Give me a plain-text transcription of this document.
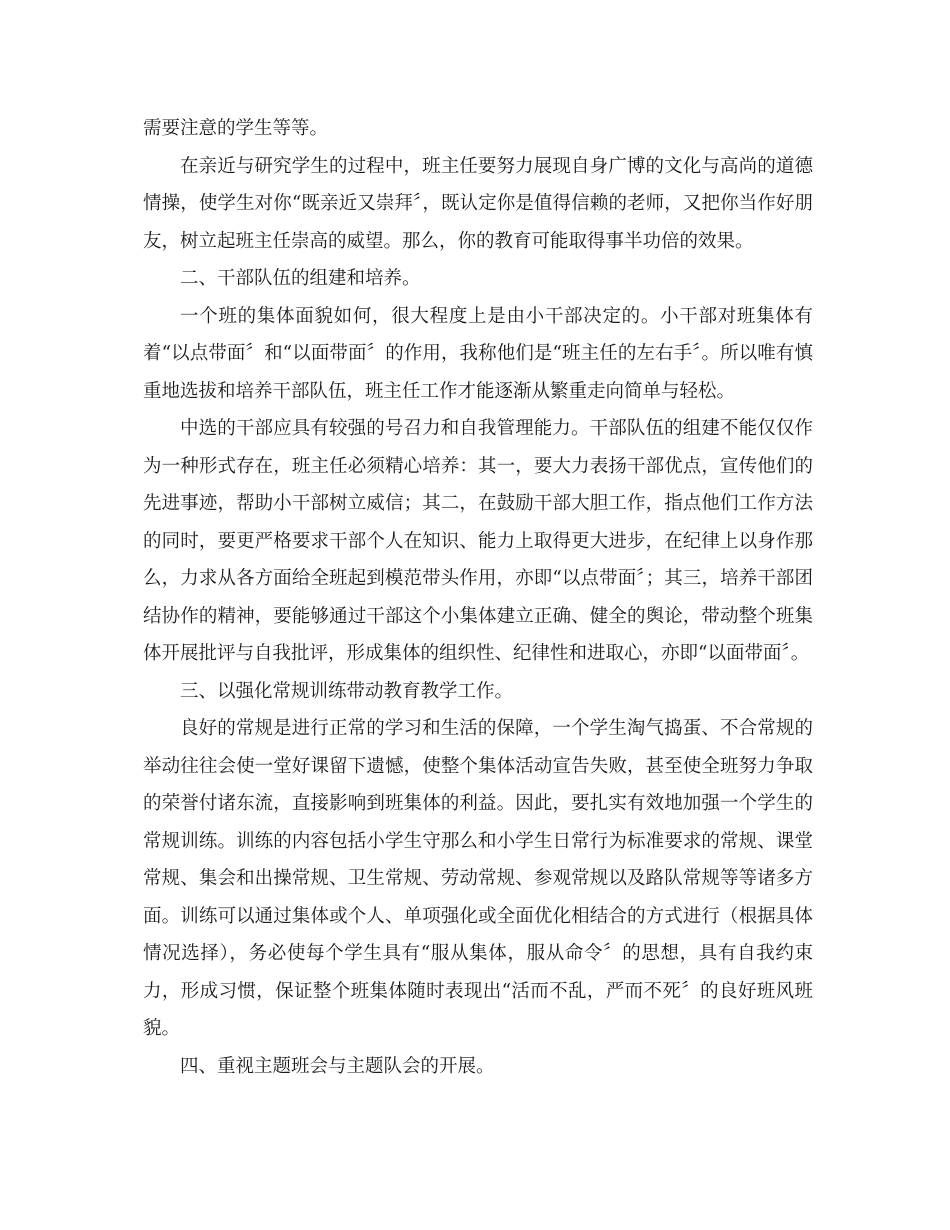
需要注意的学生等等。

在亲近与研究学生的过程中，班主任要努力展现自身广博的文化与高尚的道德情操，使学生对你“既亲近又崇拜〞，既认定你是值得信赖的老师，又把你当作好朋友，树立起班主任崇高的威望。那么，你的教育可能取得事半功倍的效果。

二、干部队伍的组建和培养。

一个班的集体面貌如何，很大程度上是由小干部决定的。小干部对班集体有着“以点带面〞和“以面带面〞的作用，我称他们是“班主任的左右手〞。所以唯有慎重地选拔和培养干部队伍，班主任工作才能逐渐从繁重走向简单与轻松。

中选的干部应具有较强的号召力和自我管理能力。干部队伍的组建不能仅仅作为一种形式存在，班主任必须精心培养：其一，要大力表扬干部优点，宣传他们的先进事迹，帮助小干部树立威信；其二，在鼓励干部大胆工作，指点他们工作方法的同时，要更严格要求干部个人在知识、能力上取得更大进步，在纪律上以身作那么，力求从各方面给全班起到模范带头作用，亦即“以点带面〞；其三，培养干部团结协作的精神，要能够通过干部这个小集体建立正确、健全的舆论，带动整个班集体开展批评与自我批评，形成集体的组织性、纪律性和进取心，亦即“以面带面〞。

三、以强化常规训练带动教育教学工作。

良好的常规是进行正常的学习和生活的保障，一个学生淘气捣蛋、不合常规的举动往往会使一堂好课留下遗憾，使整个集体活动宣告失败，甚至使全班努力争取的荣誉付诸东流，直接影响到班集体的利益。因此，要扎实有效地加强一个学生的常规训练。训练的内容包括小学生守那么和小学生日常行为标准要求的常规、课堂常规、集会和出操常规、卫生常规、劳动常规、参观常规以及路队常规等等诸多方面。训练可以通过集体或个人、单项强化或全面优化相结合的方式进行（根据具体情况选择），务必使每个学生具有“服从集体，服从命令〞的思想，具有自我约束力，形成习惯，保证整个班集体随时表现出“活而不乱，严而不死〞的良好班风班貌。

四、重视主题班会与主题队会的开展。
